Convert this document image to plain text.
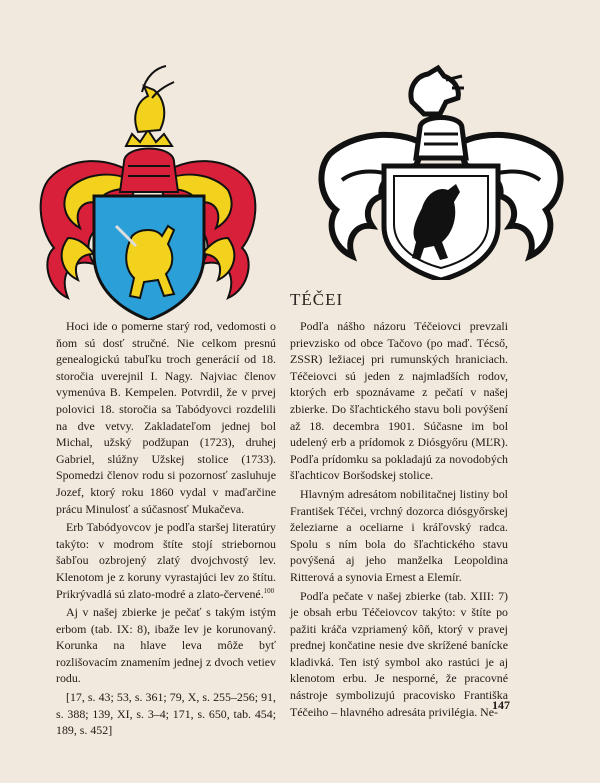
TÉČEI

Hoci ide o pomerne starý rod, vedomosti o ňom sú dosť stručné. Nie celkom presnú genealogickú tabuľku troch generácií od 18. storočia uverejnil I. Nagy. Najviac členov vymenúva B. Kempelen. Potvrdil, že v prvej polovici 18. storočia sa Tabódyovci rozdelili na dve vetvy. Zakladateľom jednej bol Michal, užský podžupan (1723), druhej Gabriel, slúžny Užskej stolice (1733). Spomedzi členov rodu si pozornosť zasluhuje Jozef, ktorý roku 1860 vydal v maďarčine prácu Minulosť a súčasnosť Mukačeva.

Erb Tabódyovcov je podľa staršej literatúry takýto: v modrom štíte stojí striebornou šabľou ozbrojený zlatý dvojchvostý lev. Klenotom je z koruny vyrastajúci lev zo štítu. Prikrývadlá sú zlato-modré a zlato-červené.$^{100}$

Aj v našej zbierke je pečať s takým istým erbom (tab. IX: 8), ibaže lev je korunovaný. Korunka na hlave leva môže byť rozlišovacím znamením jednej z dvoch vetiev rodu.

[17, s. 43; 53, s. 361; 79, X, s. 255–256; 91, s. 388; 139, XI, s. 3–4; 171, s. 650, tab. 454; 189, s. 452]

Podľa nášho názoru Téčeiovci prevzali prievzisko od obce Tačovo (po maď. Técső, ZSSR) ležiacej pri rumunských hraniciach. Téčeiovci sú jeden z najmladších rodov, ktorých erb spoznávame z pečatí v našej zbierke. Do šľachtického stavu boli povýšení až 18. decembra 1901. Súčasne im bol udelený erb a prídomok z Diósgyőru (MĽR). Podľa prídomku sa pokladajú za novodobých šľachticov Boršodskej stolice.

Hlavným adresátom nobilitačnej listiny bol František Téčei, vrchný dozorca diósgyőrskej železiarne a oceliarne i kráľovský radca. Spolu s ním bola do šľachtického stavu povýšená aj jeho manželka Leopoldina Ritterová a synovia Ernest a Elemír.

Podľa pečate v našej zbierke (tab. XIII: 7) je obsah erbu Téčeiovcov takýto: v štíte po pažiti kráča vzpriamený kôň, ktorý v pravej prednej končatine nesie dve skrížené banícke kladivká. Ten istý symbol ako rastúci je aj klenotom erbu. Je nesporné, že pracovné nástroje symbolizujú pracovisko Františka Téčeiho – hlavného adresáta privilégia. Ne-

147
